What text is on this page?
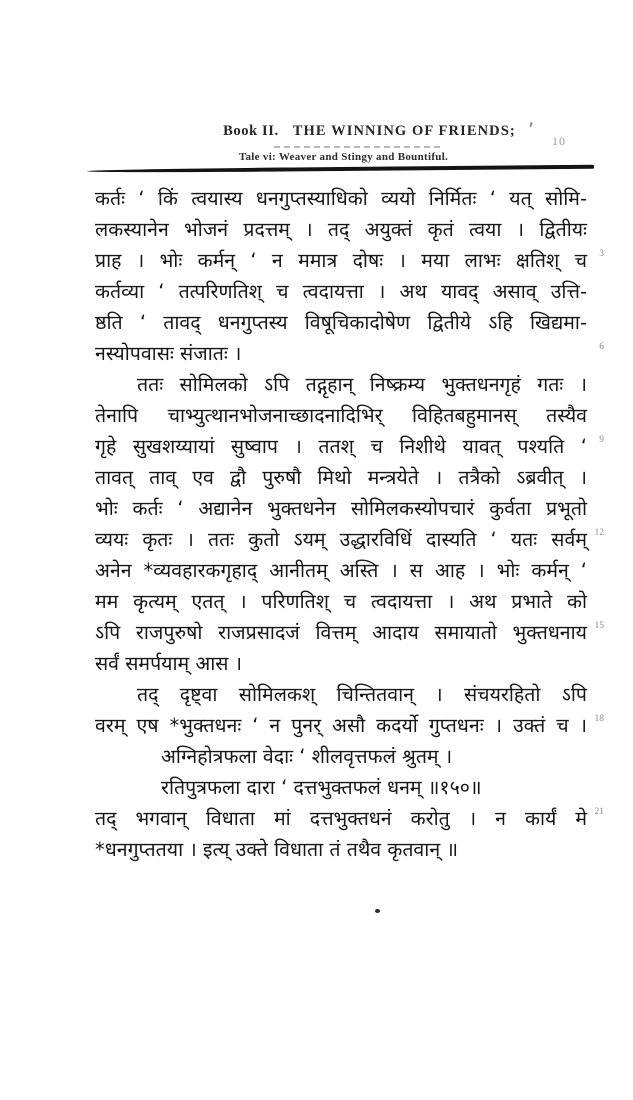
Book II. THE WINNING OF FRIENDS;
10
Tale vi: Weaver and Stingy and Bountiful.
कर्तः ‘ किं त्वयास्य धनगुप्तस्याधिको व्ययो निर्मितः ‘ यत् सोमि-
लकस्यानेन भोजनं प्रदत्तम् । तद् अयुक्तं कृतं त्वया । द्वितीयः
प्राह । भोः कर्मन् ‘ न ममात्र दोषः । मया लाभः क्षतिश् च 3
कर्तव्या ‘ तत्परिणतिश् च त्वदायत्ता । अथ यावद् असाव् उत्ति-
ष्ठति ‘ तावद् धनगुप्तस्य विषूचिकादोषेण द्वितीये ऽहि खिद्यमा-
नस्योपवासः संजातः ।	6
ततः सोमिलको ऽपि तद्गृहान् निष्क्रम्य भुक्तधनगृहं गतः ।
तेनापि चाभ्युत्थानभोजनाच्छादनादिभिर् विहितबहुमानस् तस्यैव
गृहे सुखशय्यायां सुष्वाप । ततश् च निशीथे यावत् पश्यति ‘ 9
तावत् ताव् एव द्वौ पुरुषौ मिथो मन्त्रयेते । तत्रैको ऽब्रवीत् ।
भोः कर्तः ‘ अद्यानेन भुक्तधनेन सोमिलकस्योपचारं कुर्वता प्रभूतो
व्ययः कृतः । ततः कुतो ऽयम् उद्धारविधिं दास्यति ‘ यतः सर्वम् 12
अनेन *व्यवहारकगृहाद् आनीतम् अस्ति । स आह । भोः कर्मन् ‘
मम कृत्यम् एतत् । परिणतिश् च त्वदायत्ता । अथ प्रभाते को
ऽपि राजपुरुषो राजप्रसादजं वित्तम् आदाय समायातो भुक्तधनाय 15
सर्वं समर्पयाम् आस ।
तद् दृष्ट्वा सोमिलकश् चिन्तितवान् । संचयरहितो ऽपि
वरम् एष *भुक्तधनः ‘ न पुनर् असौ कदर्यो गुप्तधनः । उक्तं च । 18
अग्निहोत्रफला वेदाः ‘ शीलवृत्तफलं श्रुतम् ।
रतिपुत्रफला दारा ‘ दत्तभुक्तफलं धनम् ॥१५०॥
तद् भगवान् विधाता मां दत्तभुक्तधनं करोतु । न कार्यं मे 21
*धनगुप्ततया । इत्य् उक्ते विधाता तं तथैव कृतवान् ॥
